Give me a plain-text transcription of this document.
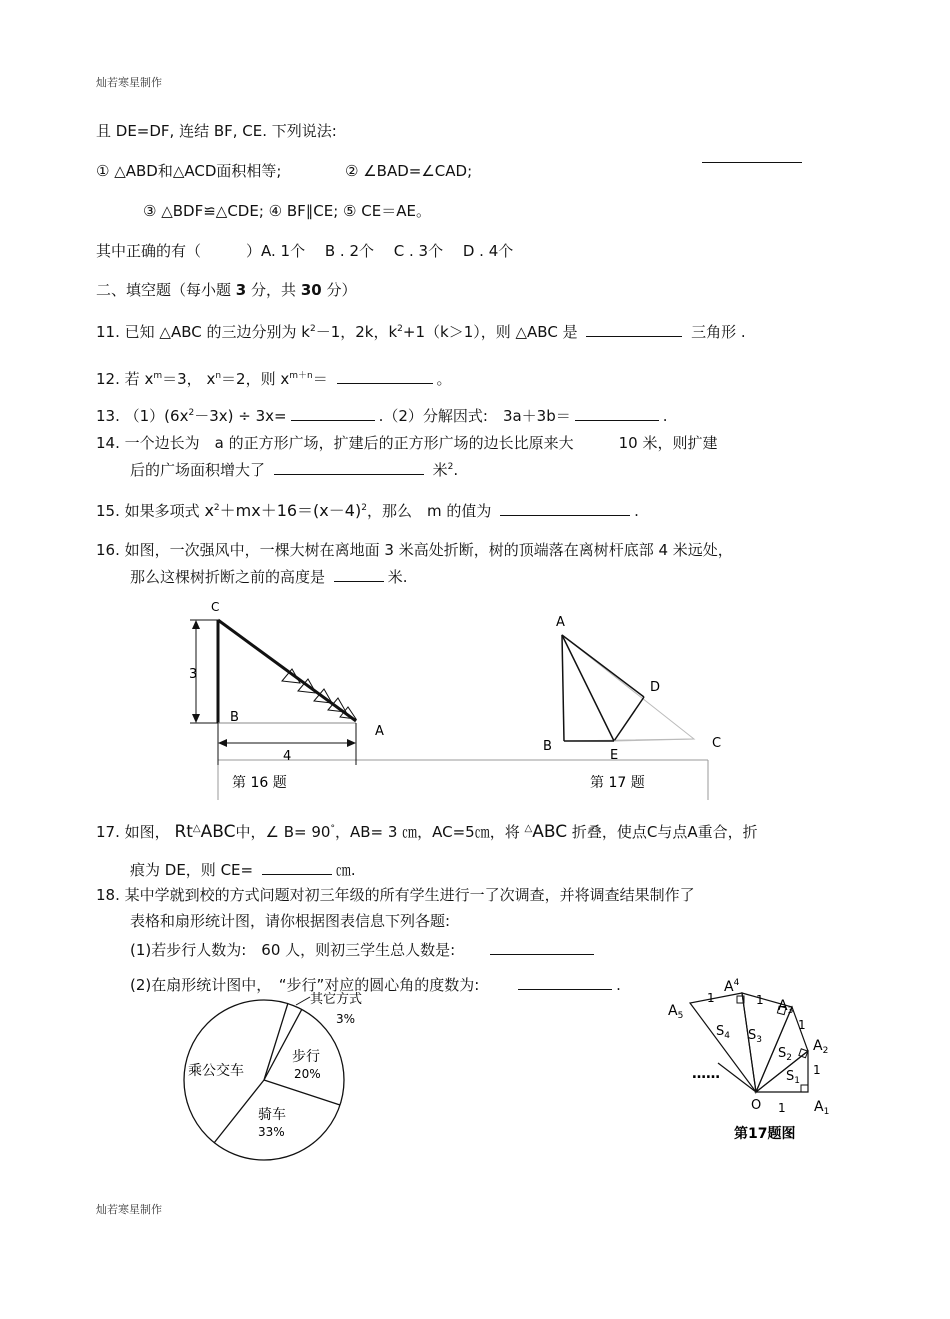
灿若寒星制作
且 DE=DF, 连结 BF, CE. 下列说法:
① △ABD和△ACD面积相等;	② ∠BAD=∠CAD;
③ △BDF≌△CDE; ④ BF∥CE; ⑤ CE＝AE。
其中正确的有（　　　）A. 1个　 B . 2个　 C . 3个　 D . 4个
二、填空题（每小题 3 分，共 30 分）
11. 已知 △ABC 的三边分别为 $k^2-1$，2k，$k^2+1(k>1)$，则 △ABC 是	三角形 .
12. 若 $x^m=3$， $x^n=2$，则 $x^{m+n}=$	。
13. $(1)(6x^2-3x) \div 3x=$	.（2）分解因式:　3a＋3b＝	.
14. 一个边长为　a 的正方形广场，扩建后的正方形广场的边长比原来大　　　10 米，则扩建
后的广场面积增大了	米$^2$.
15. 如果多项式 $x^2+mx+16=(x-4)^2$，那么　m 的值为	.
16. 如图，一次强风中，一棵大树在离地面 3 米高处折断，树的顶端落在离树杆底部 4 米远处，
那么这棵树折断之前的高度是	米.
C
B
A
3
4
第 16 题
A
B	C
D
E
第 17 题
17. 如图， Rt△ABC中，∠ B= 90°，AB= 3 ㎝，AC=5㎝，将 △ABC 折叠，使点C与点A重合，折
痕为 DE，则 CE=	㎝.
18. 某中学就到校的方式问题对初三年级的所有学生进行一了次调查，并将调查结果制作了
表格和扇形统计图，请你根据图表信息下列各题:
(1)若步行人数为:　60 人，则初三学生总人数是:
(2)在扇形统计图中，　“步行”对应的圆心角的度数为:	.
其它方式
3%
步行
20%
乘公交车
骑车
33%
$A_1$
$A_2$
$A_3$
$A^4$
$A_5$
O 1
1
1
1
1
$S_1$
$S_2$
$S_3$
$S_4$
……
第17题图
灿若寒星制作
